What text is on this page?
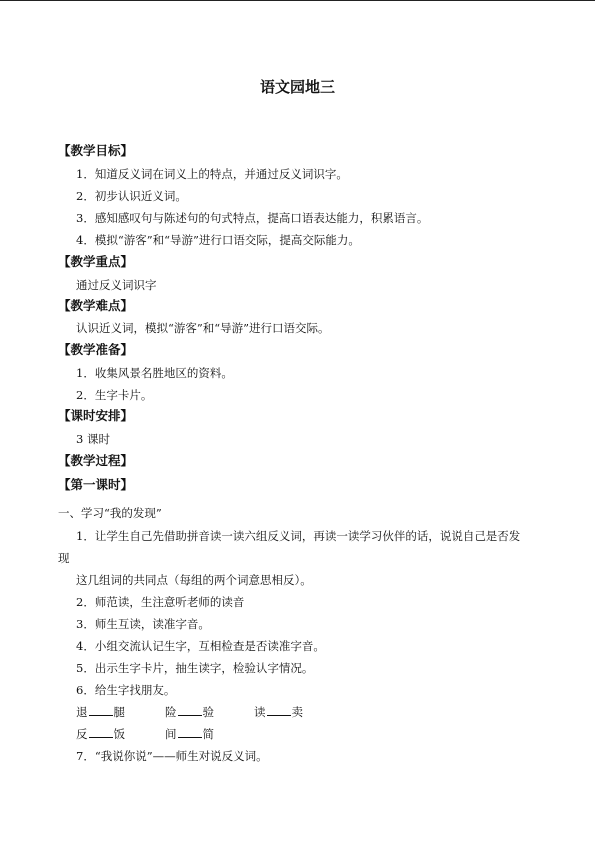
语文园地三
【教学目标】
1．知道反义词在词义上的特点，并通过反义词识字。
2．初步认识近义词。
3．感知感叹句与陈述句的句式特点，提高口语表达能力，积累语言。
4．模拟“游客”和“导游”进行口语交际，提高交际能力。
【教学重点】
通过反义词识字
【教学难点】
认识近义词，模拟“游客”和“导游”进行口语交际。
【教学准备】
1．收集风景名胜地区的资料。
2．生字卡片。
【课时安排】
3 课时
【教学过程】
【第一课时】
一、学习“我的发现”
1．让学生自己先借助拼音读一读六组反义词，再读一读学习伙伴的话，说说自己是否发
现
这几组词的共同点（每组的两个词意思相反）。
2．师范读，生注意听老师的读音
3．师生互读，读准字音。
4．小组交流认记生字，互相检查是否读准字音。
5．出示生字卡片，抽生读字，检验认字情况。
6．给生字找朋友。
退 腿	险 验	读 卖
反 饭	间 简
7．“我说你说”——师生对说反义词。
